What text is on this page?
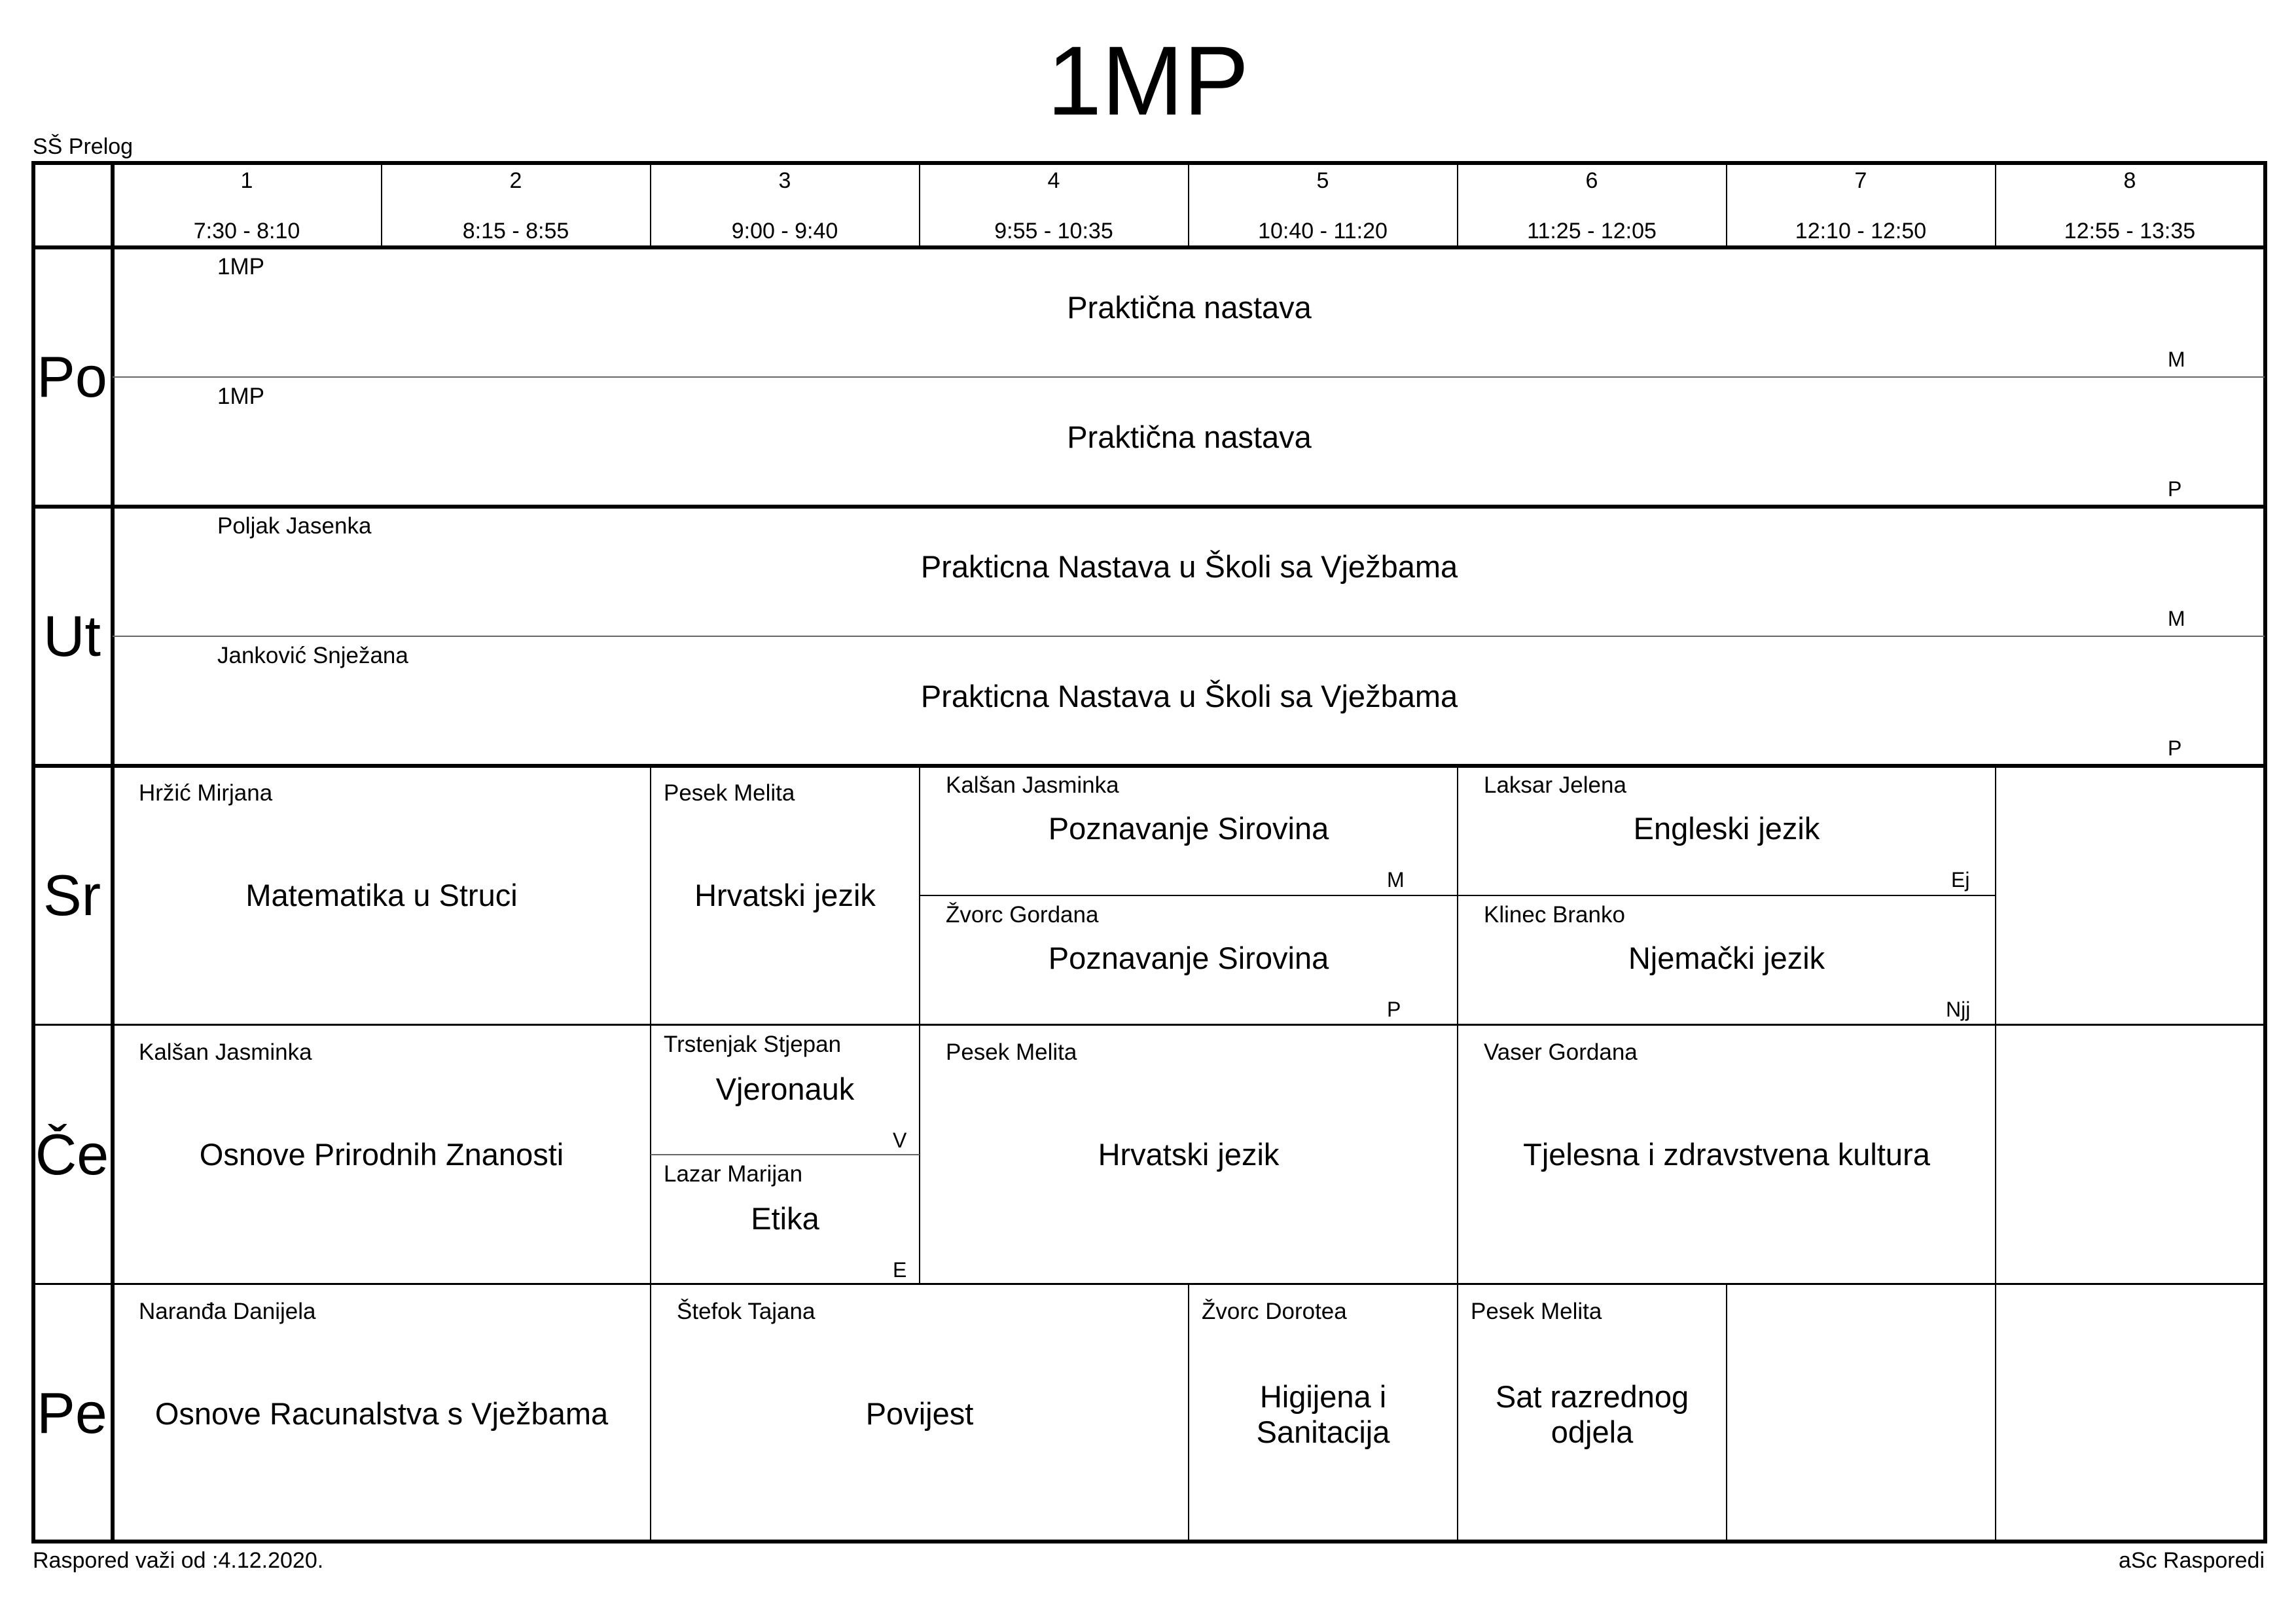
1MP
SŠ Prelog
1
7:30 - 8:10
2
8:15 - 8:55
3
9:00 - 9:40
4
9:55 - 10:35
5
10:40 - 11:20
6
11:25 - 12:05
7
12:10 - 12:50
8
12:55 - 13:35
Po
Ut
Sr
Če
Pe
1MP
Praktična nastava
M
1MP
Praktična nastava
P
Poljak Jasenka
Prakticna Nastava u Školi sa Vježbama
M
Janković Snježana
Prakticna Nastava u Školi sa Vježbama
P
Hržić Mirjana
Matematika u Struci
Pesek Melita
Hrvatski jezik
Kalšan Jasminka
Poznavanje Sirovina
M
Žvorc Gordana
Poznavanje Sirovina
P
Laksar Jelena
Engleski jezik
Ej
Klinec Branko
Njemački jezik
Njj
Kalšan Jasminka
Osnove Prirodnih Znanosti
Trstenjak Stjepan
Vjeronauk
V
Lazar Marijan
Etika
E
Pesek Melita
Hrvatski jezik
Vaser Gordana
Tjelesna i zdravstvena kultura
Naranđa Danijela
Osnove Racunalstva s Vježbama
Štefok Tajana
Povijest
Žvorc Dorotea
Higijena i
Sanitacija
Pesek Melita
Sat razrednog
odjela
Raspored važi od :4.12.2020.	aSc Rasporedi
